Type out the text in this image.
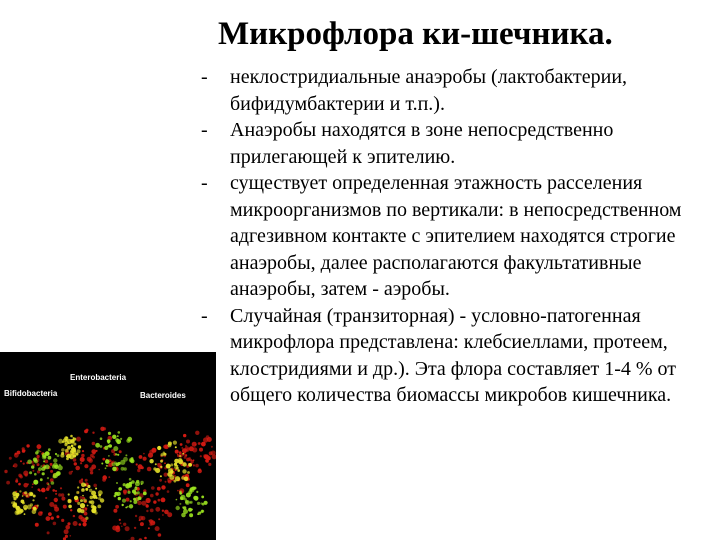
Микрофлора ки-шечника.
- неклостридиальные анаэробы (лактобактерии, бифидумбактерии и т.п.).
- Анаэробы находятся в зоне непосредственно прилегающей к эпителию.
- существует определенная этажность расселения микроорганизмов по вертикали: в непосредственном адгезивном контакте с эпителием находятся строгие анаэробы, далее располагаются факультативные анаэробы, затем - аэробы.
- Случайная (транзиторная) - условно-патогенная микрофлора представлена: клебсиеллами, протеем, клостридиями и др.). Эта флора составляет 1-4 % от общего количества биомассы микробов кишечника.
Enterobacteria
Bifidobacteria	Bacteroides
